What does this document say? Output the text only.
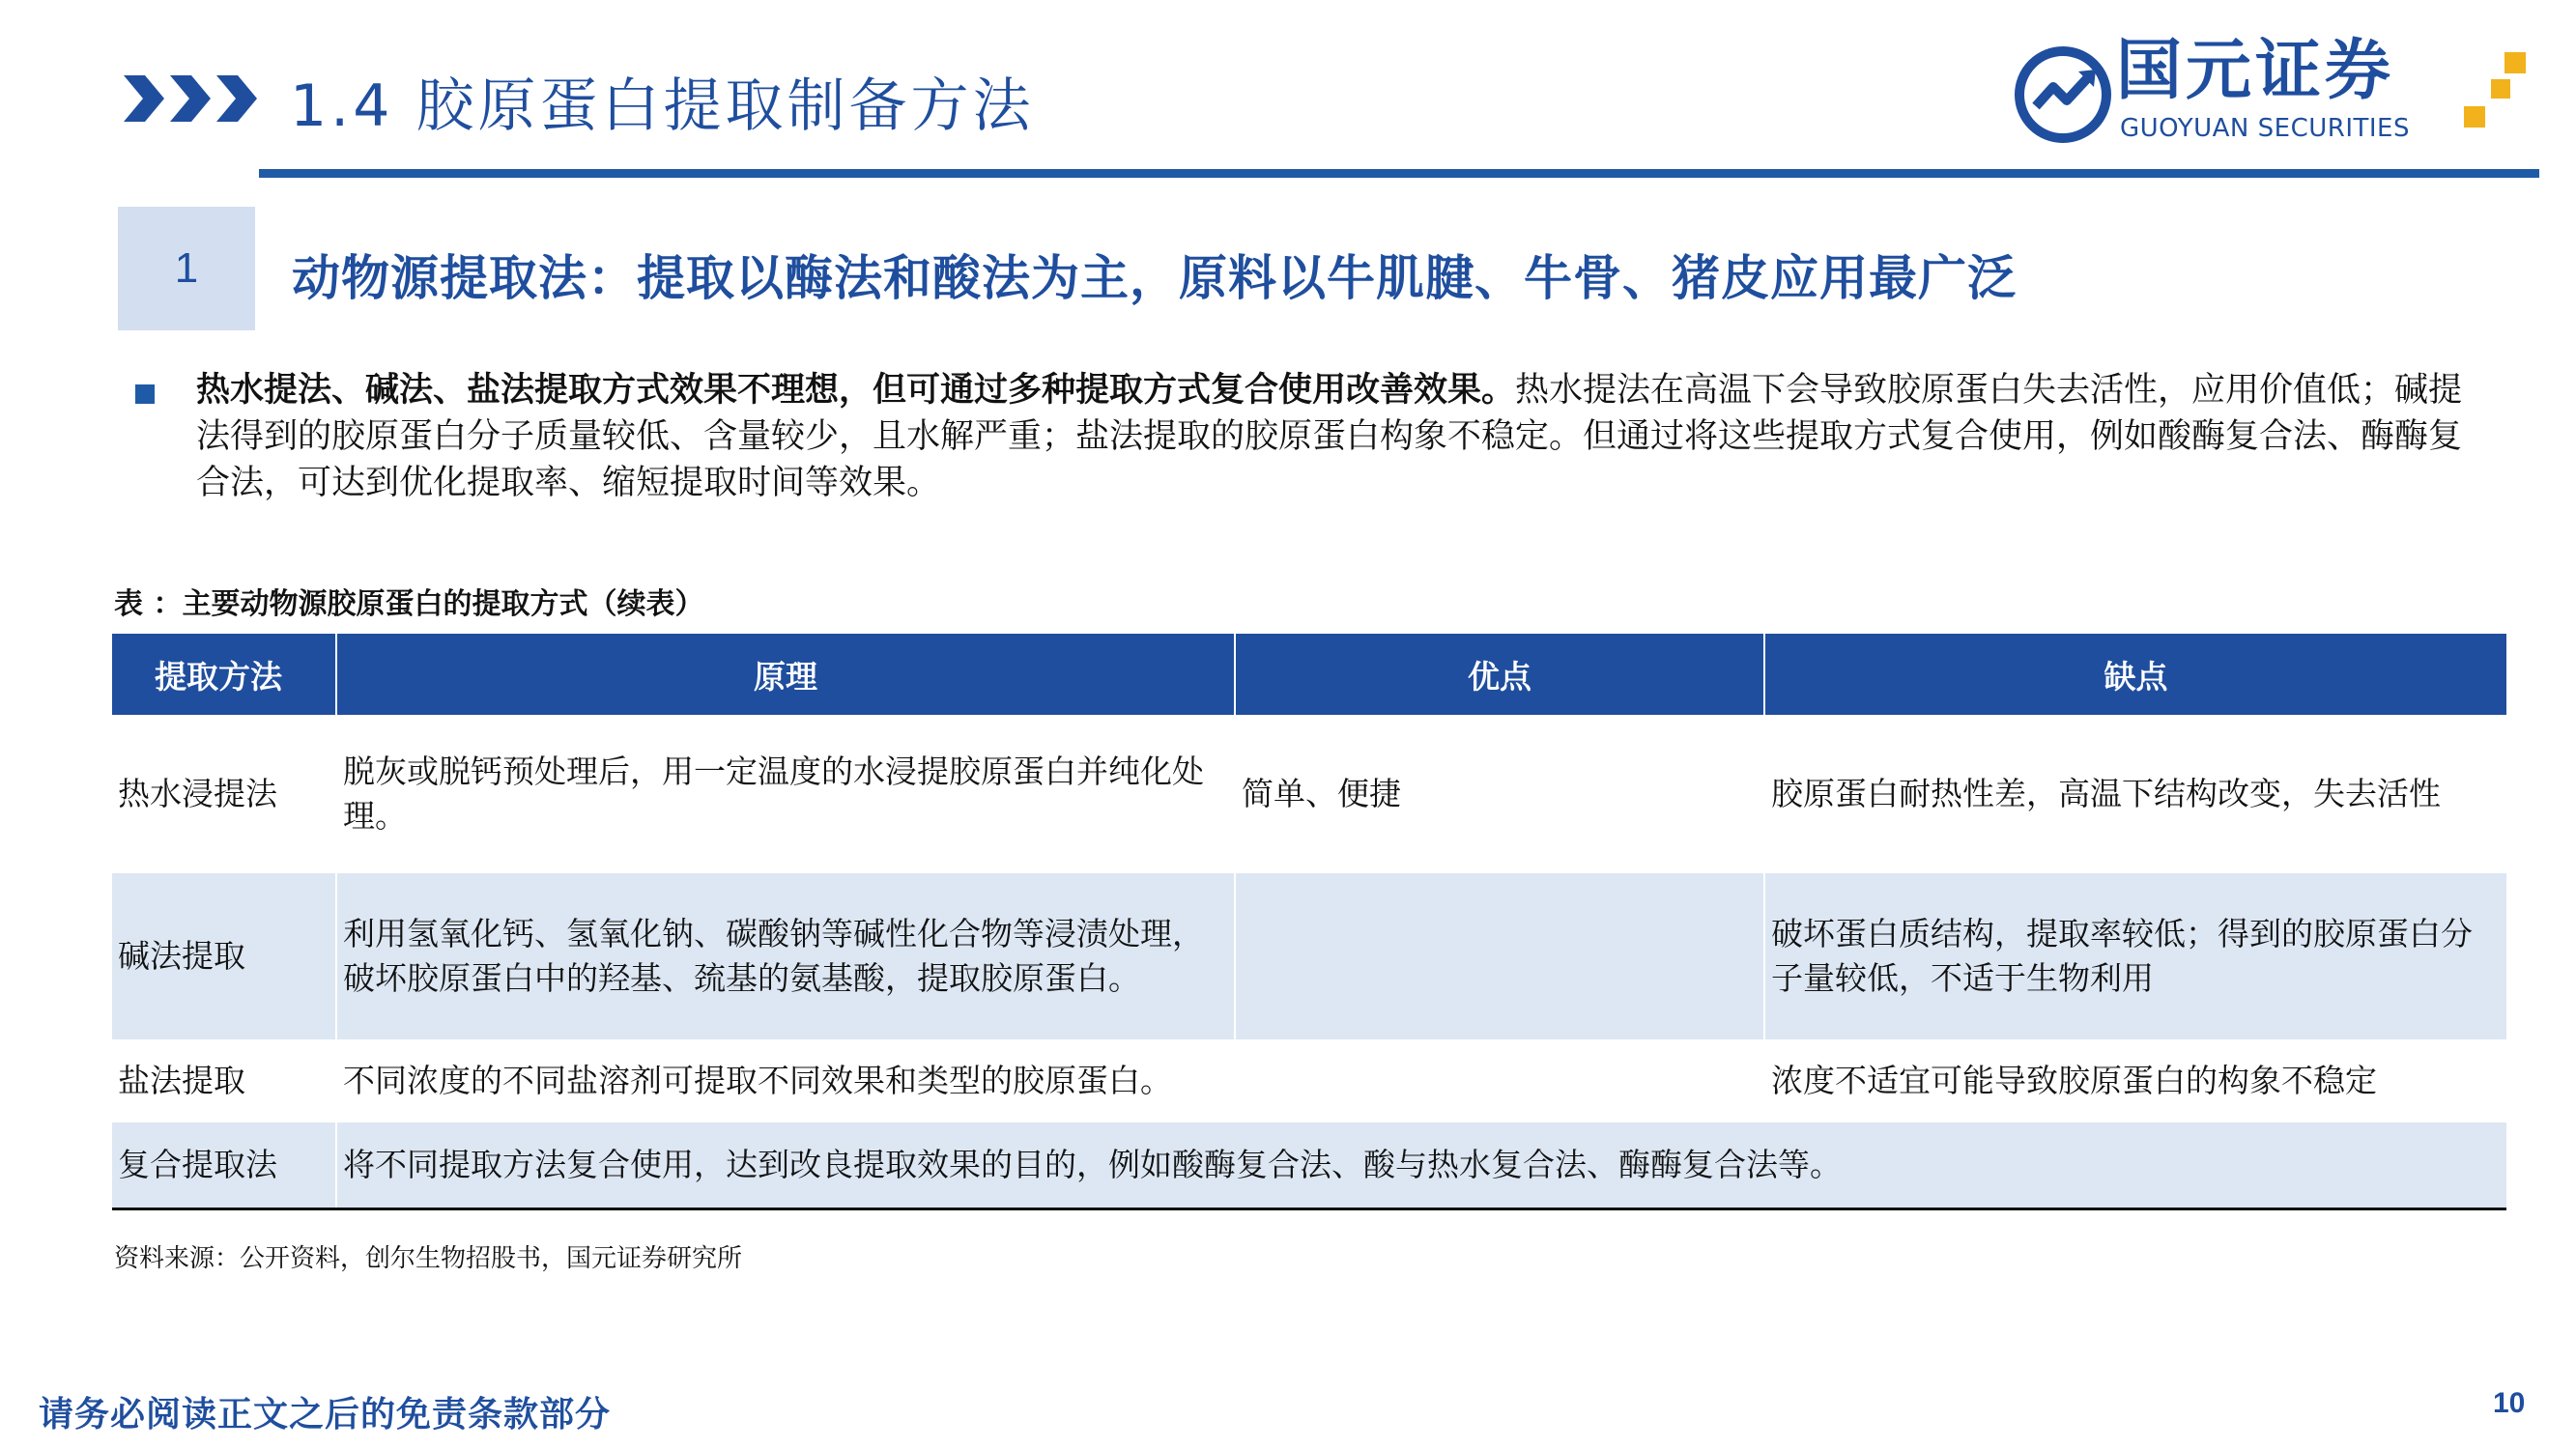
1.4 胶原蛋白提取制备方法	国元证券
GUOYUAN SECURITIES
1	动物源提取法：提取以酶法和酸法为主，原料以牛肌腱、牛骨、猪皮应用最广泛
热水提法、碱法、盐法提取方式效果不理想，但可通过多种提取方式复合使用改善效果。热水提法在高温下会导致胶原蛋白失去活性，应用价值低；碱提法得到的胶原蛋白分子质量较低、含量较少，且水解严重；盐法提取的胶原蛋白构象不稳定。但通过将这些提取方式复合使用，例如酸酶复合法、酶酶复合法，可达到优化提取率、缩短提取时间等效果。
表 ：主要动物源胶原蛋白的提取方式（续表）
提取方法	原理	优点	缺点
热水浸提法	脱灰或脱钙预处理后，用一定温度的水浸提胶原蛋白并纯化处理。	简单、便捷	胶原蛋白耐热性差，高温下结构改变，失去活性
碱法提取	利用氢氧化钙、氢氧化钠、碳酸钠等碱性化合物等浸渍处理，破坏胶原蛋白中的羟基、巯基的氨基酸，提取胶原蛋白。		破坏蛋白质结构，提取率较低；得到的胶原蛋白分子量较低，不适于生物利用
盐法提取	不同浓度的不同盐溶剂可提取不同效果和类型的胶原蛋白。		浓度不适宜可能导致胶原蛋白的构象不稳定
复合提取法	将不同提取方法复合使用，达到改良提取效果的目的，例如酸酶复合法、酸与热水复合法、酶酶复合法等。		
资料来源：公开资料，创尔生物招股书，国元证券研究所
请务必阅读正文之后的免责条款部分	10
